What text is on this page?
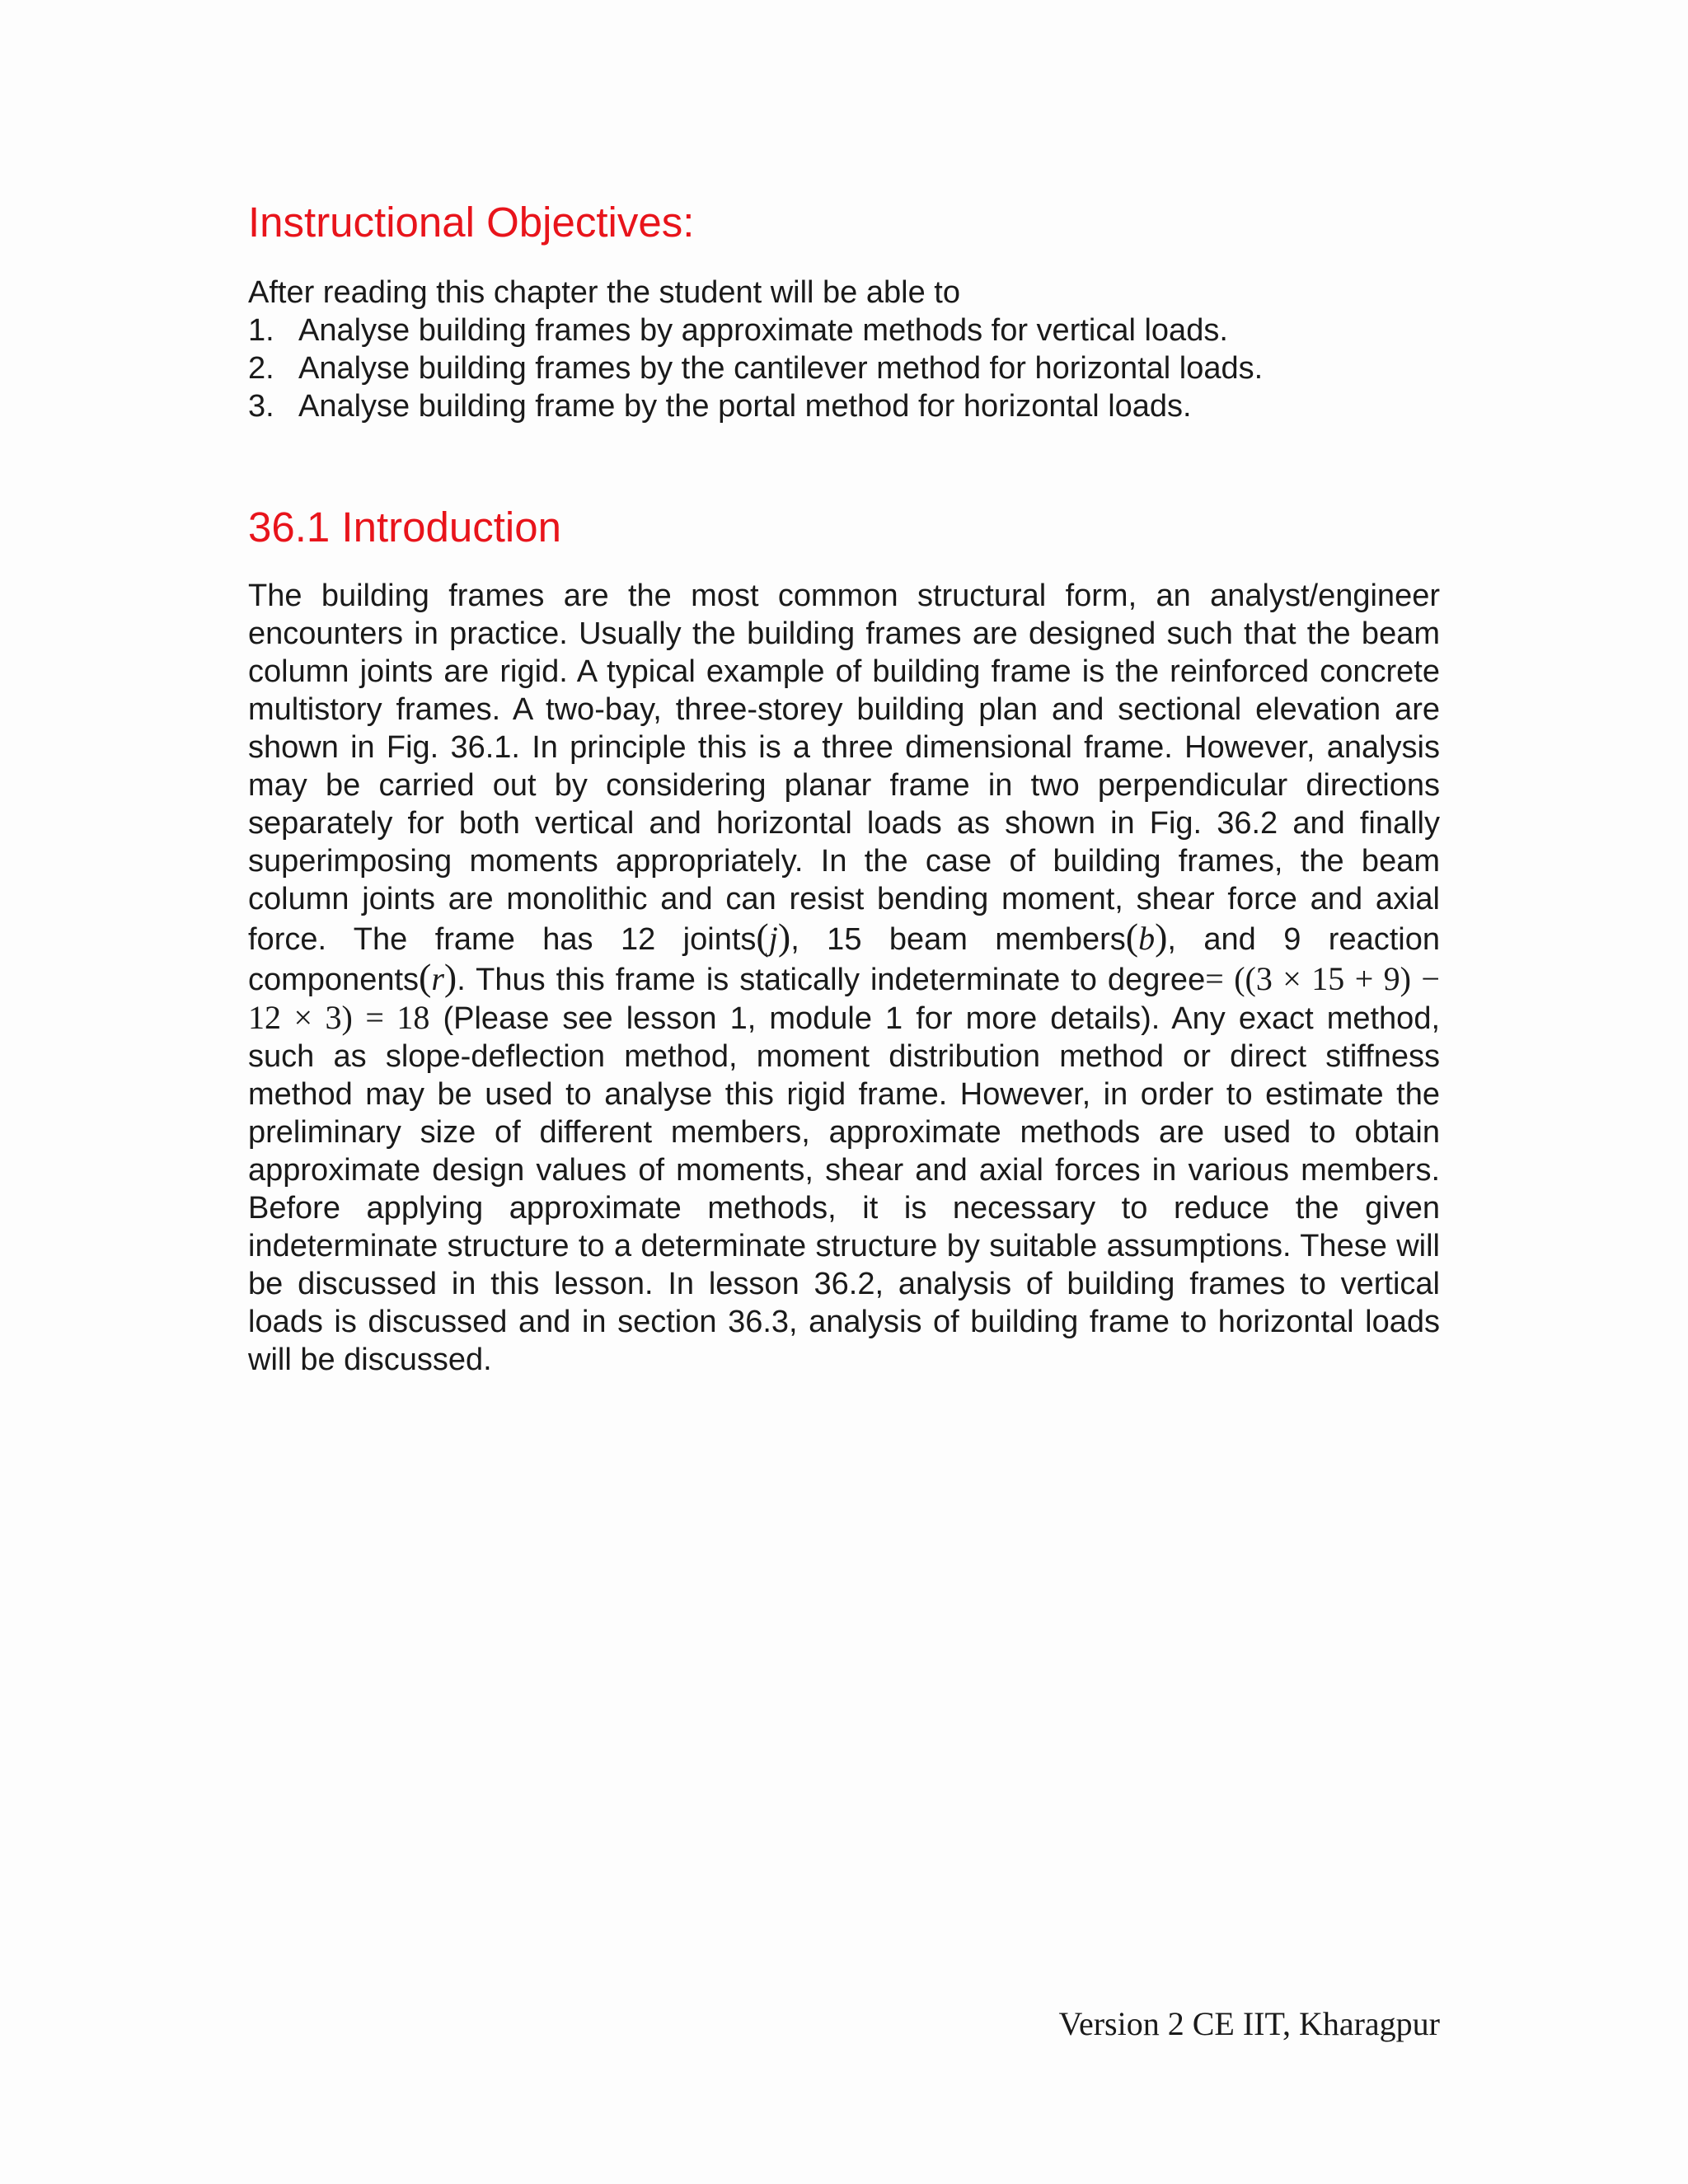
Instructional Objectives:

After reading this chapter the student will be able to

1. Analyse building frames by approximate methods for vertical loads.
2. Analyse building frames by the cantilever method for horizontal loads.
3. Analyse building frame by the portal method for horizontal loads.
36.1 Introduction

The building frames are the most common structural form, an analyst/engineer encounters in practice. Usually the building frames are designed such that the beam column joints are rigid. A typical example of building frame is the reinforced concrete multistory frames. A two-bay, three-storey building plan and sectional elevation are shown in Fig. 36.1. In principle this is a three dimensional frame. However, analysis may be carried out by considering planar frame in two perpendicular directions separately for both vertical and horizontal loads as shown in Fig. 36.2 and finally superimposing moments appropriately. In the case of building frames, the beam column joints are monolithic and can resist bending moment, shear force and axial force. The frame has 12 joints(j), 15 beam members(b), and 9 reaction components(r). Thus this frame is statically indeterminate to degree= ((3 × 15 + 9) − 12 × 3) = 18 (Please see lesson 1, module 1 for more details). Any exact method, such as slope-deflection method, moment distribution method or direct stiffness method may be used to analyse this rigid frame. However, in order to estimate the preliminary size of different members, approximate methods are used to obtain approximate design values of moments, shear and axial forces in various members. Before applying approximate methods, it is necessary to reduce the given indeterminate structure to a determinate structure by suitable assumptions. These will be discussed in this lesson. In lesson 36.2, analysis of building frames to vertical loads is discussed and in section 36.3, analysis of building frame to horizontal loads will be discussed.

Version 2 CE IIT, Kharagpur
